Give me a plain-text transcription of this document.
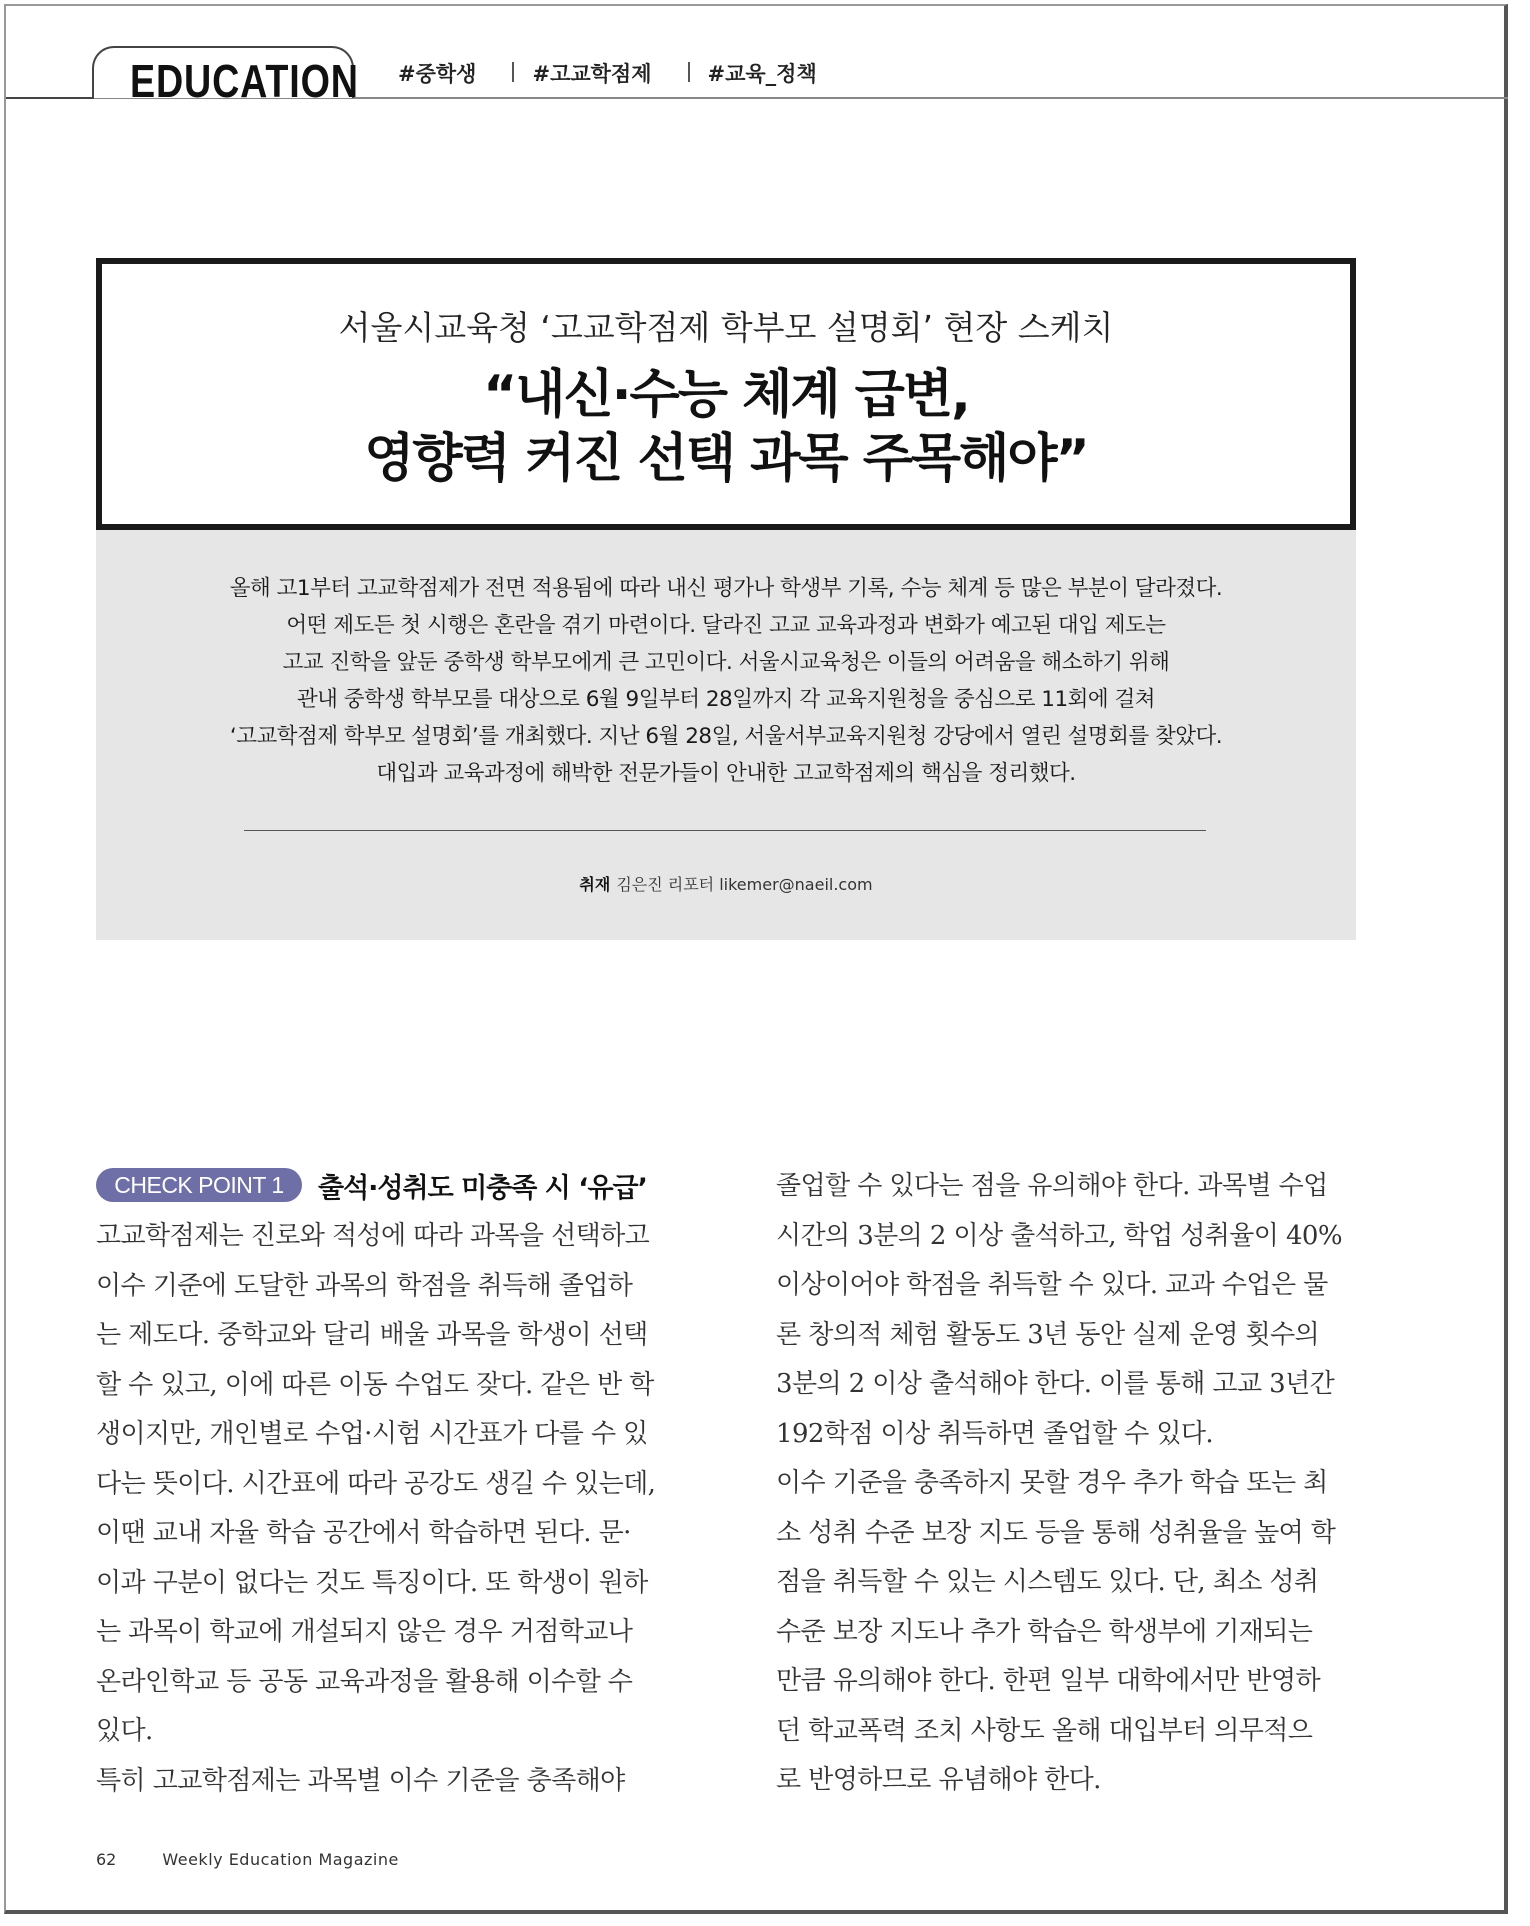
EDUCATION #중학생	#고교학점제	#교육_정책
서울시교육청 ‘고교학점제 학부모 설명회’ 현장 스케치
“내신·수능 체계 급변,
영향력 커진 선택 과목 주목해야”
올해 고1부터 고교학점제가 전면 적용됨에 따라 내신 평가나 학생부 기록, 수능 체계 등 많은 부분이 달라졌다.
어떤 제도든 첫 시행은 혼란을 겪기 마련이다. 달라진 고교 교육과정과 변화가 예고된 대입 제도는
고교 진학을 앞둔 중학생 학부모에게 큰 고민이다. 서울시교육청은 이들의 어려움을 해소하기 위해
관내 중학생 학부모를 대상으로 6월 9일부터 28일까지 각 교육지원청을 중심으로 11회에 걸쳐
‘고교학점제 학부모 설명회’를 개최했다. 지난 6월 28일, 서울서부교육지원청 강당에서 열린 설명회를 찾았다.
대입과 교육과정에 해박한 전문가들이 안내한 고교학점제의 핵심을 정리했다.
취재 김은진 리포터 likemer@naeil.com
CHECK POINT 1	출석·성취도 미충족 시 ‘유급’

고교학점제는 진로와 적성에 따라 과목을 선택하고
이수 기준에 도달한 과목의 학점을 취득해 졸업하
는 제도다. 중학교와 달리 배울 과목을 학생이 선택
할 수 있고, 이에 따른 이동 수업도 잦다. 같은 반 학
생이지만, 개인별로 수업·시험 시간표가 다를 수 있
다는 뜻이다. 시간표에 따라 공강도 생길 수 있는데,
이땐 교내 자율 학습 공간에서 학습하면 된다. 문·
이과 구분이 없다는 것도 특징이다. 또 학생이 원하
는 과목이 학교에 개설되지 않은 경우 거점학교나
온라인학교 등 공동 교육과정을 활용해 이수할 수
있다.
특히 고교학점제는 과목별 이수 기준을 충족해야

졸업할 수 있다는 점을 유의해야 한다. 과목별 수업
시간의 3분의 2 이상 출석하고, 학업 성취율이 40%
이상이어야 학점을 취득할 수 있다. 교과 수업은 물
론 창의적 체험 활동도 3년 동안 실제 운영 횟수의
3분의 2 이상 출석해야 한다. 이를 통해 고교 3년간
192학점 이상 취득하면 졸업할 수 있다.
이수 기준을 충족하지 못할 경우 추가 학습 또는 최
소 성취 수준 보장 지도 등을 통해 성취율을 높여 학
점을 취득할 수 있는 시스템도 있다. 단, 최소 성취
수준 보장 지도나 추가 학습은 학생부에 기재되는
만큼 유의해야 한다. 한편 일부 대학에서만 반영하
던 학교폭력 조치 사항도 올해 대입부터 의무적으
로 반영하므로 유념해야 한다.

62	Weekly Education Magazine
